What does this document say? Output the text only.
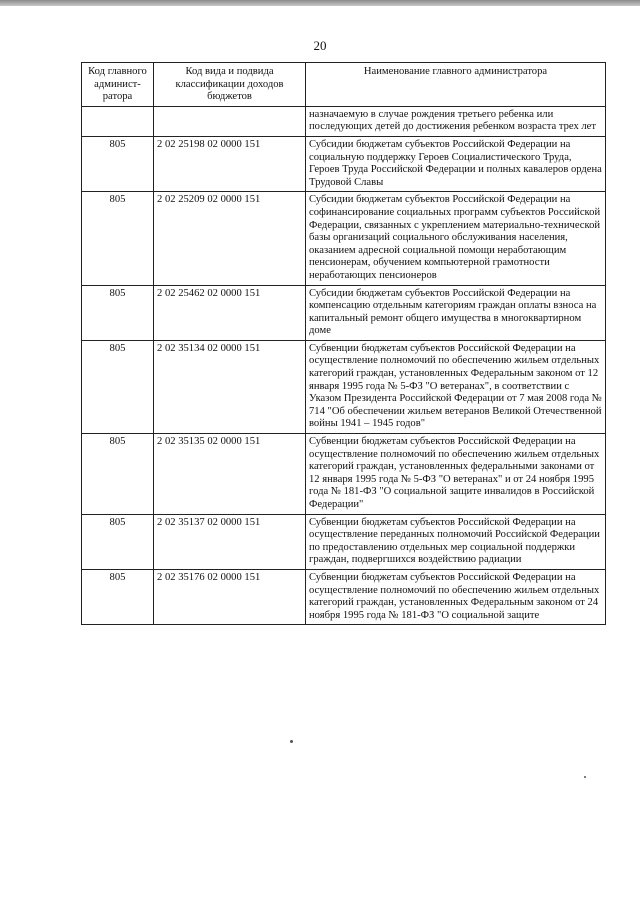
20
Код главного админист-ратора	Код вида и подвида классификации доходов бюджетов	Наименование главного администратора
		назначаемую в случае рождения третьего ребенка или последующих детей до достижения ребенком возраста трех лет
805	2 02 25198 02 0000 151	Субсидии бюджетам субъектов Российской Федерации на социальную поддержку Героев Социалистического Труда, Героев Труда Российской Федерации и полных кавалеров ордена Трудовой Славы
805	2 02 25209 02 0000 151	Субсидии бюджетам субъектов Российской Федерации на софинансирование социальных программ субъектов Российской Федерации, связанных с укреплением материально-технической базы организаций социального обслуживания населения, оказанием адресной социальной помощи неработающим пенсионерам, обучением компьютерной грамотности неработающих пенсионеров
805	2 02 25462 02 0000 151	Субсидии бюджетам субъектов Российской Федерации на компенсацию отдельным категориям граждан оплаты взноса на капитальный ремонт общего имущества в многоквартирном доме
805	2 02 35134 02 0000 151	Субвенции бюджетам субъектов Российской Федерации на осуществление полномочий по обеспечению жильем отдельных категорий граждан, установленных Федеральным законом от 12 января 1995 года № 5-ФЗ "О ветеранах", в соответствии с Указом Президента Российской Федерации от 7 мая 2008 года № 714 "Об обеспечении жильем ветеранов Великой Отечественной войны 1941 – 1945 годов"
805	2 02 35135 02 0000 151	Субвенции бюджетам субъектов Российской Федерации на осуществление полномочий по обеспечению жильем отдельных категорий граждан, установленных федеральными законами от 12 января 1995 года № 5-ФЗ "О ветеранах" и от 24 ноября 1995 года № 181-ФЗ "О социальной защите инвалидов в Российской Федерации"
805	2 02 35137 02 0000 151	Субвенции бюджетам субъектов Российской Федерации на осуществление переданных полномочий Российской Федерации по предоставлению отдельных мер социальной поддержки граждан, подвергшихся воздействию радиации
805	2 02 35176 02 0000 151	Субвенции бюджетам субъектов Российской Федерации на осуществление полномочий по обеспечению жильем отдельных категорий граждан, установленных Федеральным законом от 24 ноября 1995 года № 181-ФЗ "О социальной защите
